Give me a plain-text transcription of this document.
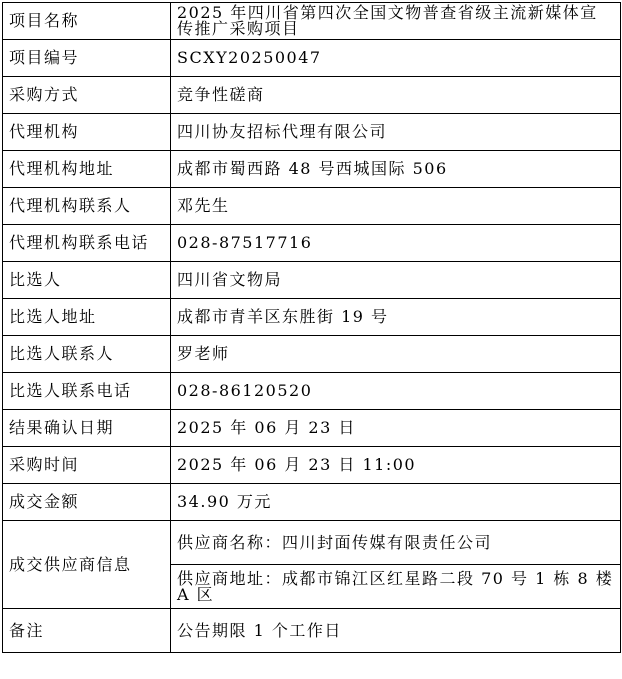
项目名称	2025 年四川省第四次全国文物普查省级主流新媒体宣传推广采购项目
项目编号	SCXY20250047
采购方式	竞争性磋商
代理机构	四川协友招标代理有限公司
代理机构地址	成都市蜀西路 48 号西城国际 506
代理机构联系人	邓先生
代理机构联系电话	028-87517716
比选人	四川省文物局
比选人地址	成都市青羊区东胜街 19 号
比选人联系人	罗老师
比选人联系电话	028-86120520
结果确认日期	2025 年 06 月 23 日
采购时间	2025 年 06 月 23 日 11:00
成交金额	34.90 万元
成交供应商信息	供应商名称：四川封面传媒有限责任公司
	供应商地址：成都市锦江区红星路二段 70 号 1 栋 8 楼 A 区
备注	公告期限 1 个工作日
